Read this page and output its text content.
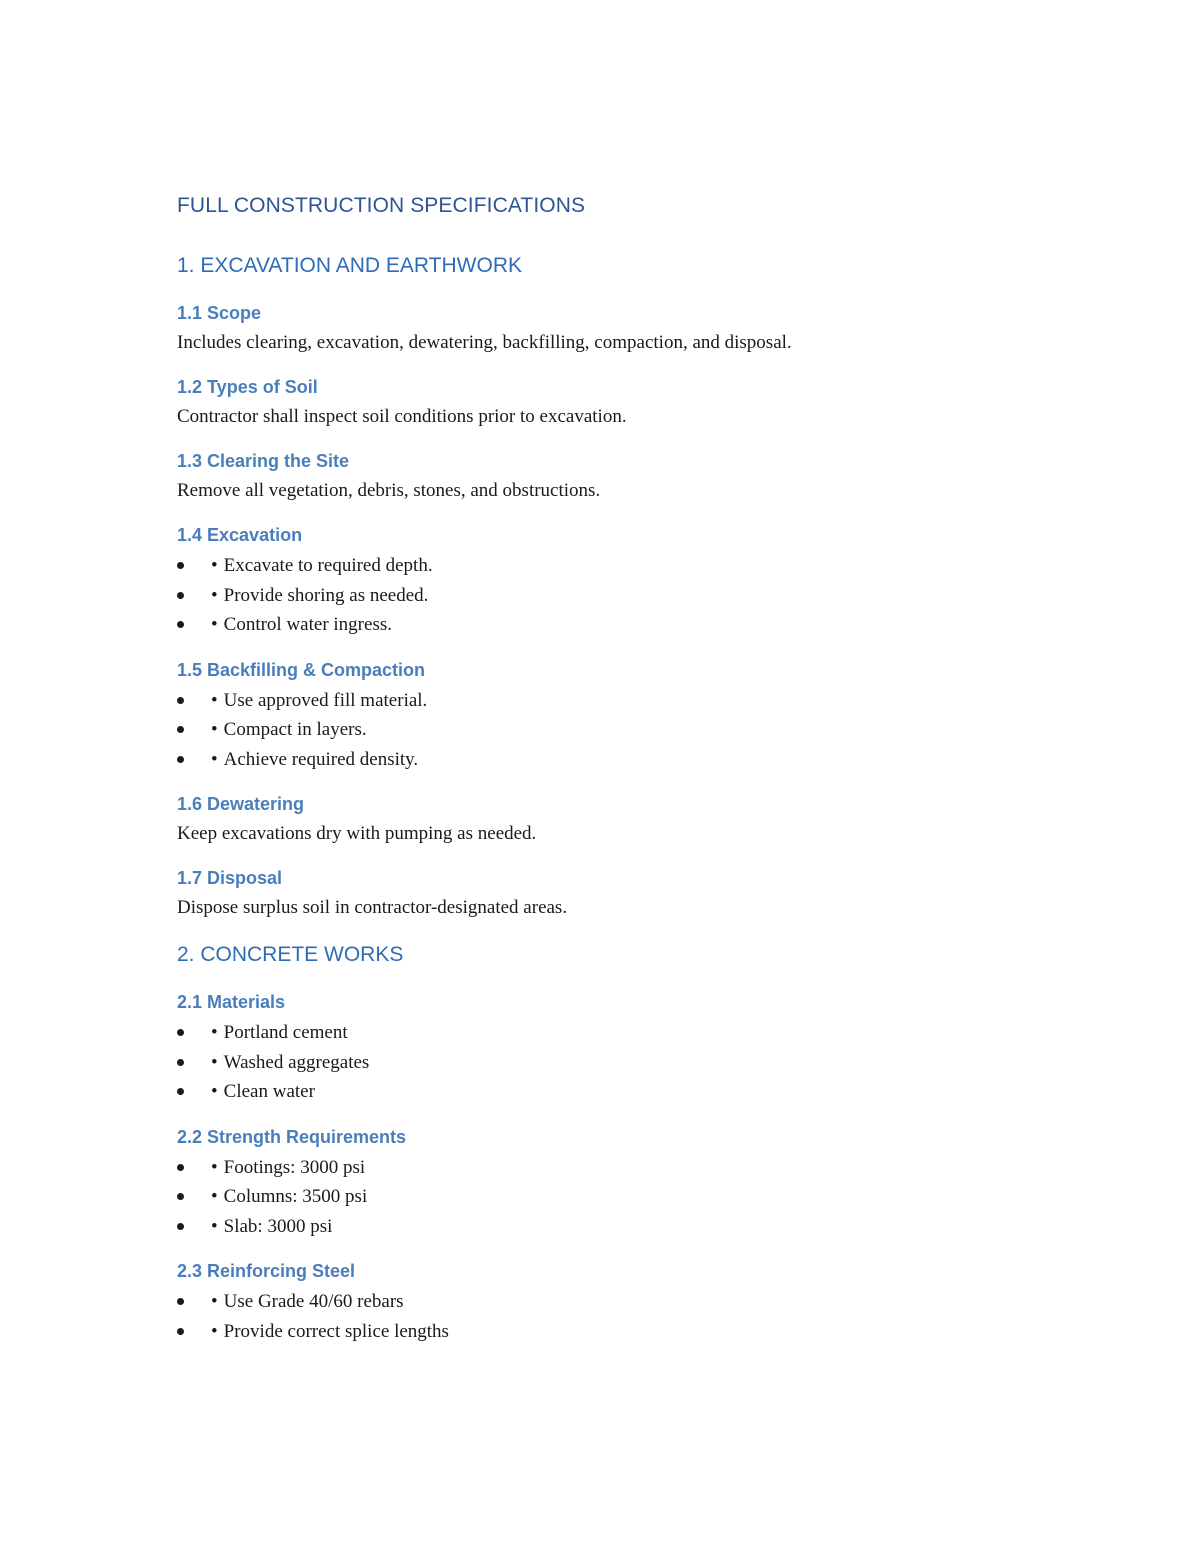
FULL CONSTRUCTION SPECIFICATIONS
1. EXCAVATION AND EARTHWORK
1.1 Scope
Includes clearing, excavation, dewatering, backfilling, compaction, and disposal.
1.2 Types of Soil
Contractor shall inspect soil conditions prior to excavation.
1.3 Clearing the Site
Remove all vegetation, debris, stones, and obstructions.
1.4 Excavation
• Excavate to required depth.
• Provide shoring as needed.
• Control water ingress.
1.5 Backfilling & Compaction
• Use approved fill material.
• Compact in layers.
• Achieve required density.
1.6 Dewatering
Keep excavations dry with pumping as needed.
1.7 Disposal
Dispose surplus soil in contractor-designated areas.
2. CONCRETE WORKS
2.1 Materials
• Portland cement
• Washed aggregates
• Clean water
2.2 Strength Requirements
• Footings: 3000 psi
• Columns: 3500 psi
• Slab: 3000 psi
2.3 Reinforcing Steel
• Use Grade 40/60 rebars
• Provide correct splice lengths
